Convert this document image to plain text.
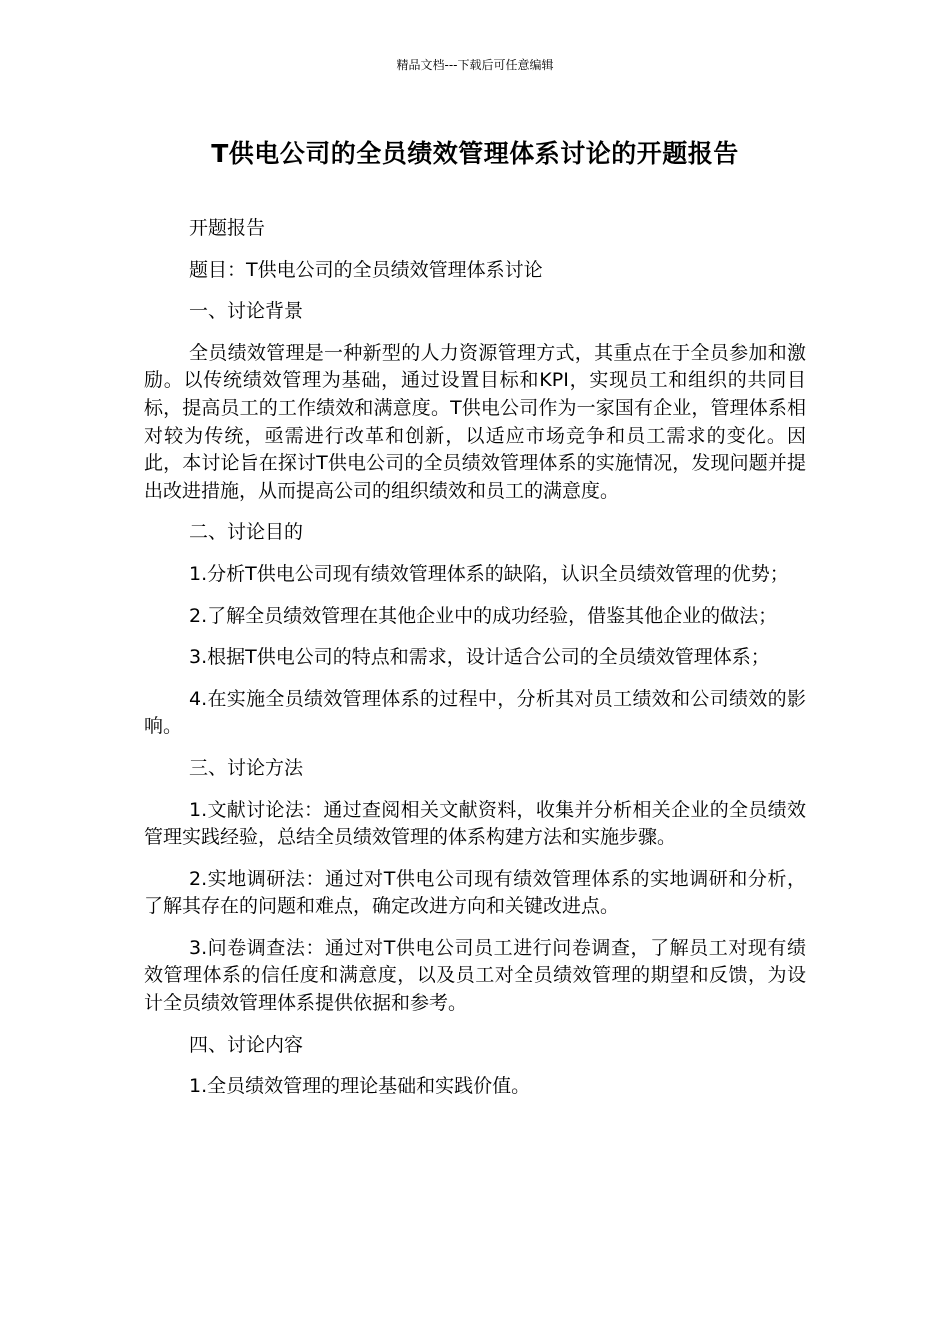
精品文档---下载后可任意编辑
T供电公司的全员绩效管理体系讨论的开题报告

开题报告

题目：T供电公司的全员绩效管理体系讨论

一、讨论背景

全员绩效管理是一种新型的人力资源管理方式，其重点在于全员参加和激励。以传统绩效管理为基础，通过设置目标和KPI，实现员工和组织的共同目标，提高员工的工作绩效和满意度。T供电公司作为一家国有企业，管理体系相对较为传统，亟需进行改革和创新，以适应市场竞争和员工需求的变化。因此，本讨论旨在探讨T供电公司的全员绩效管理体系的实施情况，发现问题并提出改进措施，从而提高公司的组织绩效和员工的满意度。

二、讨论目的

1.分析T供电公司现有绩效管理体系的缺陷，认识全员绩效管理的优势；

2.了解全员绩效管理在其他企业中的成功经验，借鉴其他企业的做法；

3.根据T供电公司的特点和需求，设计适合公司的全员绩效管理体系；

4.在实施全员绩效管理体系的过程中，分析其对员工绩效和公司绩效的影响。

三、讨论方法

1.文献讨论法：通过查阅相关文献资料，收集并分析相关企业的全员绩效管理实践经验，总结全员绩效管理的体系构建方法和实施步骤。

2.实地调研法：通过对T供电公司现有绩效管理体系的实地调研和分析，了解其存在的问题和难点，确定改进方向和关键改进点。

3.问卷调查法：通过对T供电公司员工进行问卷调查，了解员工对现有绩效管理体系的信任度和满意度，以及员工对全员绩效管理的期望和反馈，为设计全员绩效管理体系提供依据和参考。

四、讨论内容

1.全员绩效管理的理论基础和实践价值。
